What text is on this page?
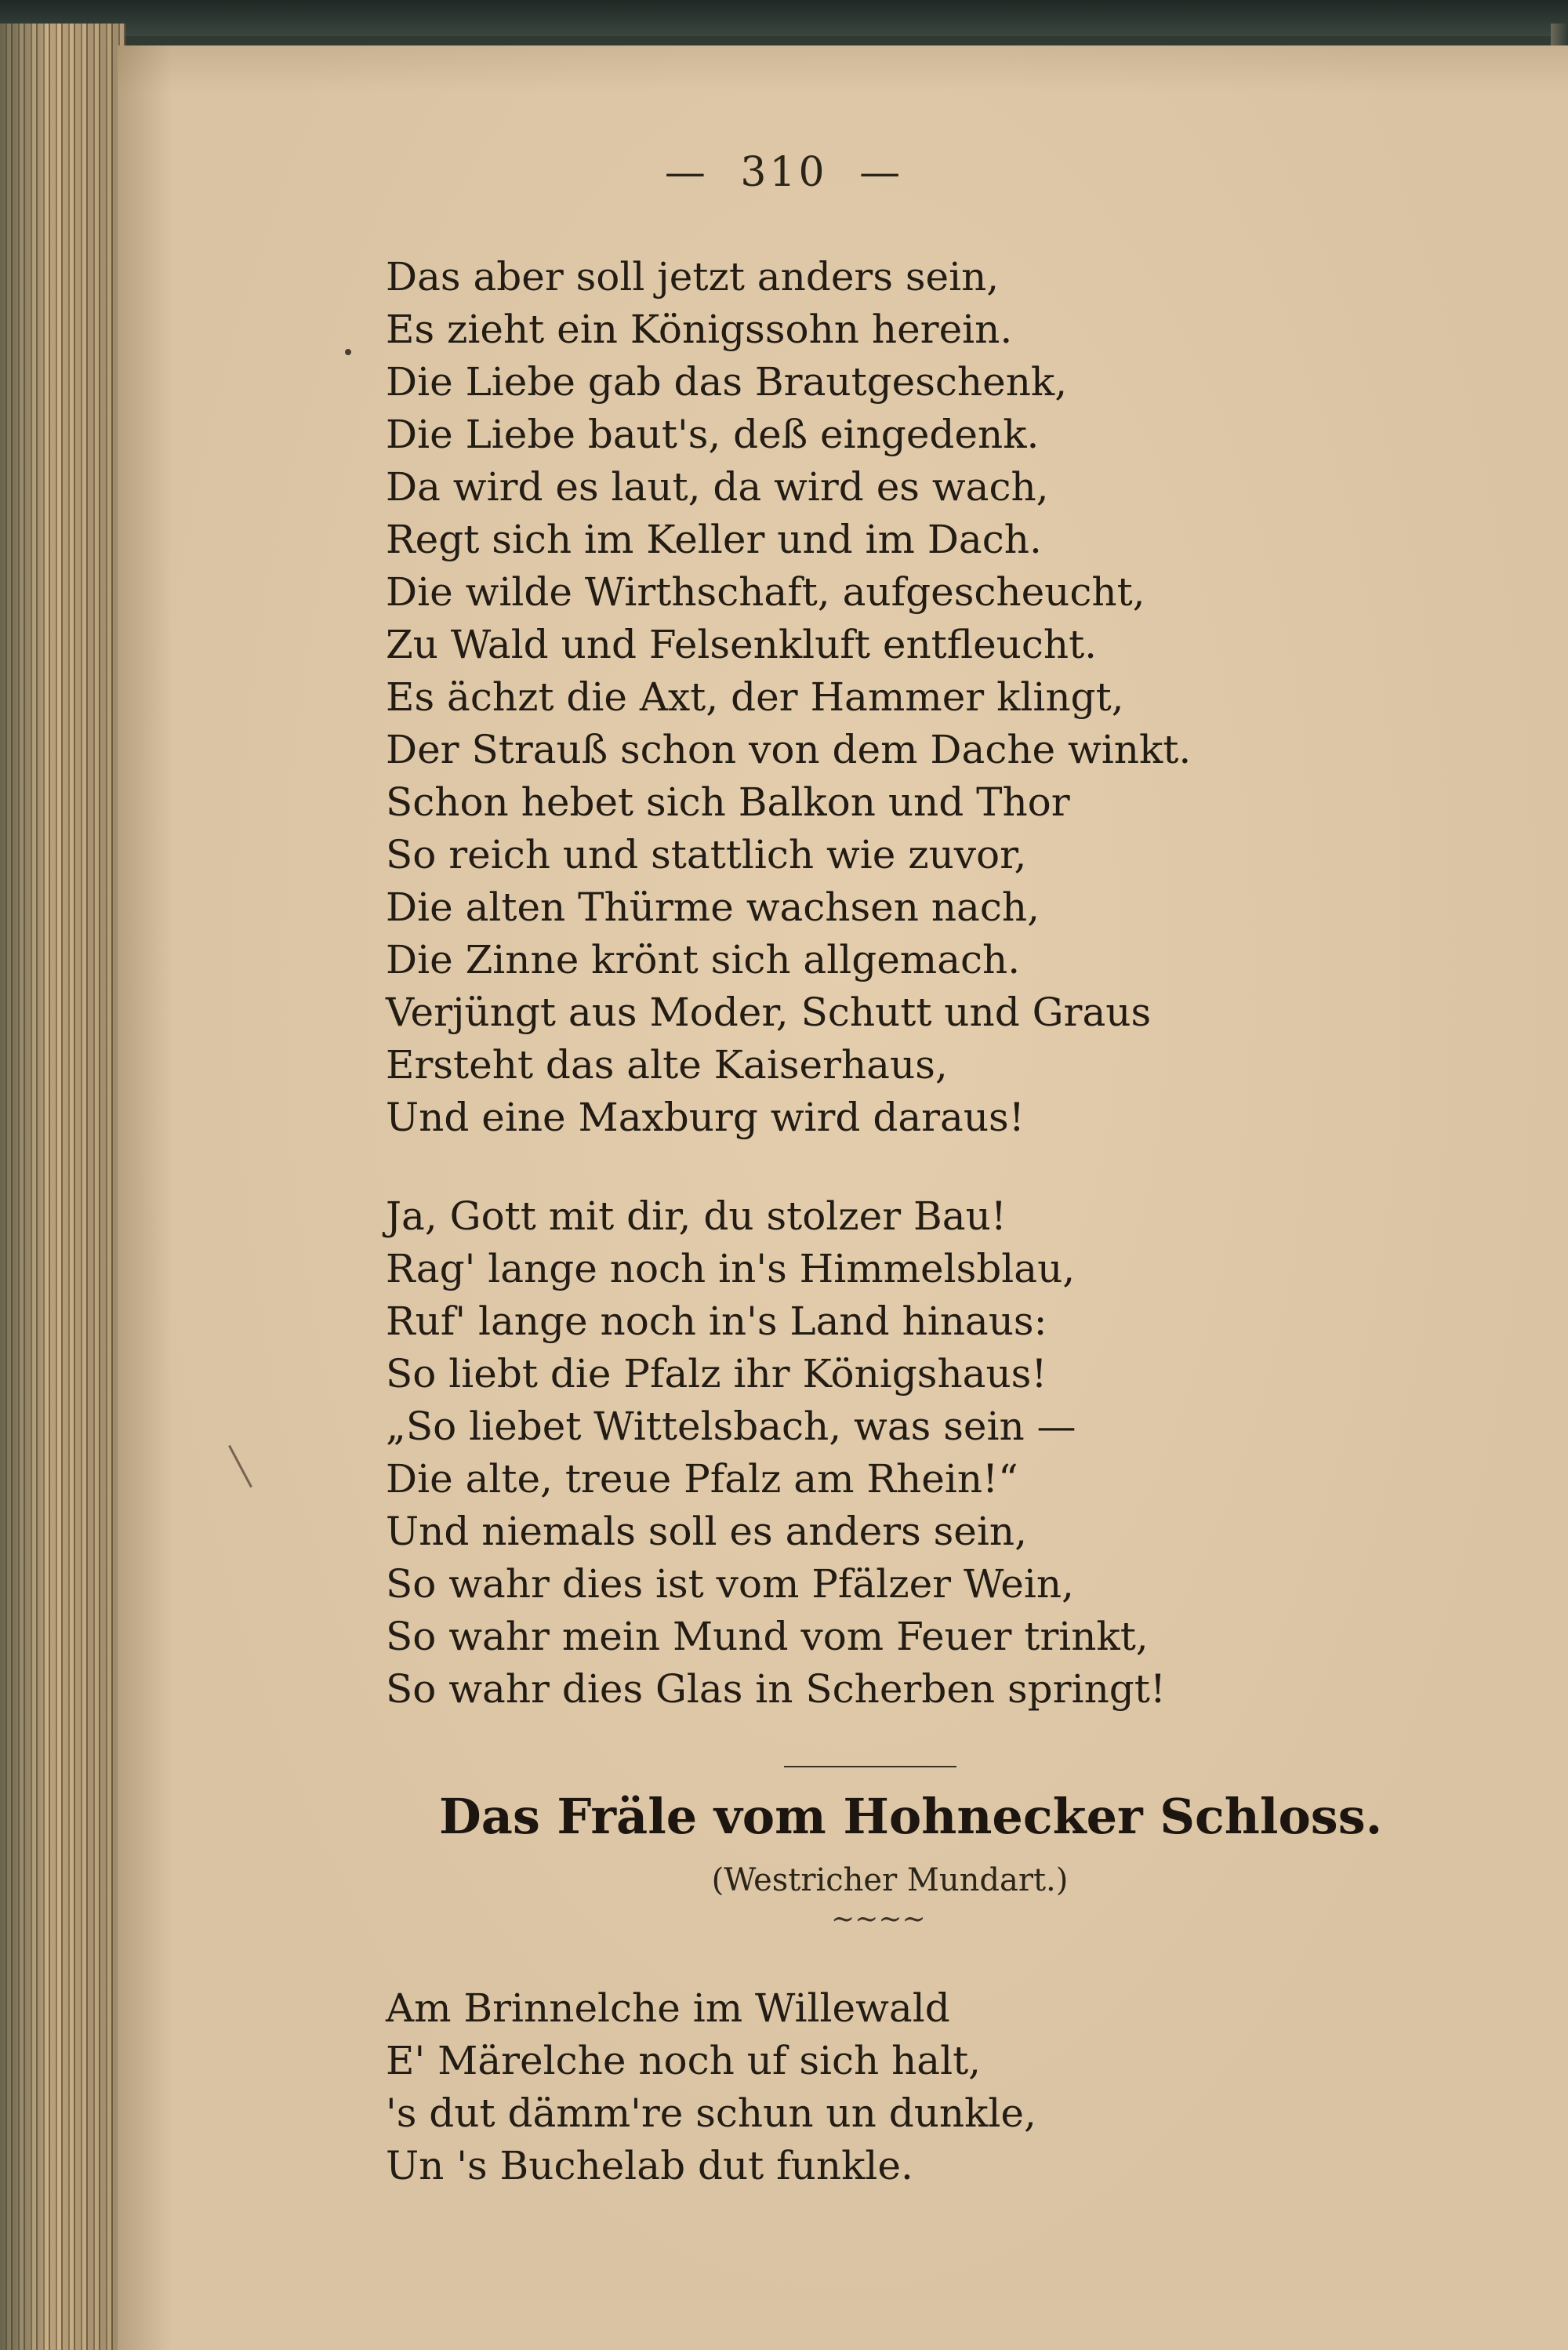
— 310 —
Das aber soll jetzt anders sein,
Es zieht ein Königssohn herein.
Die Liebe gab das Brautgeschenk,
Die Liebe baut's, deß eingedenk.
Da wird es laut, da wird es wach,
Regt sich im Keller und im Dach.
Die wilde Wirthschaft, aufgescheucht,
Zu Wald und Felsenkluft entfleucht.
Es ächzt die Axt, der Hammer klingt,
Der Strauß schon von dem Dache winkt.
Schon hebet sich Balkon und Thor
So reich und stattlich wie zuvor,
Die alten Thürme wachsen nach,
Die Zinne krönt sich allgemach.
Verjüngt aus Moder, Schutt und Graus
Ersteht das alte Kaiserhaus,
Und eine Maxburg wird daraus!
Ja, Gott mit dir, du stolzer Bau!
Rag' lange noch in's Himmelsblau,
Ruf' lange noch in's Land hinaus:
So liebt die Pfalz ihr Königshaus!
„So liebet Wittelsbach, was sein —
Die alte, treue Pfalz am Rhein!“
Und niemals soll es anders sein,
So wahr dies ist vom Pfälzer Wein,
So wahr mein Mund vom Feuer trinkt,
So wahr dies Glas in Scherben springt!
Das Fräle vom Hohnecker Schloss.
(Westricher Mundart.)
~~~~
Am Brinnelche im Willewald
E' Märelche noch uf sich halt,
's dut dämm're schun un dunkle,
Un 's Buchelab dut funkle.
